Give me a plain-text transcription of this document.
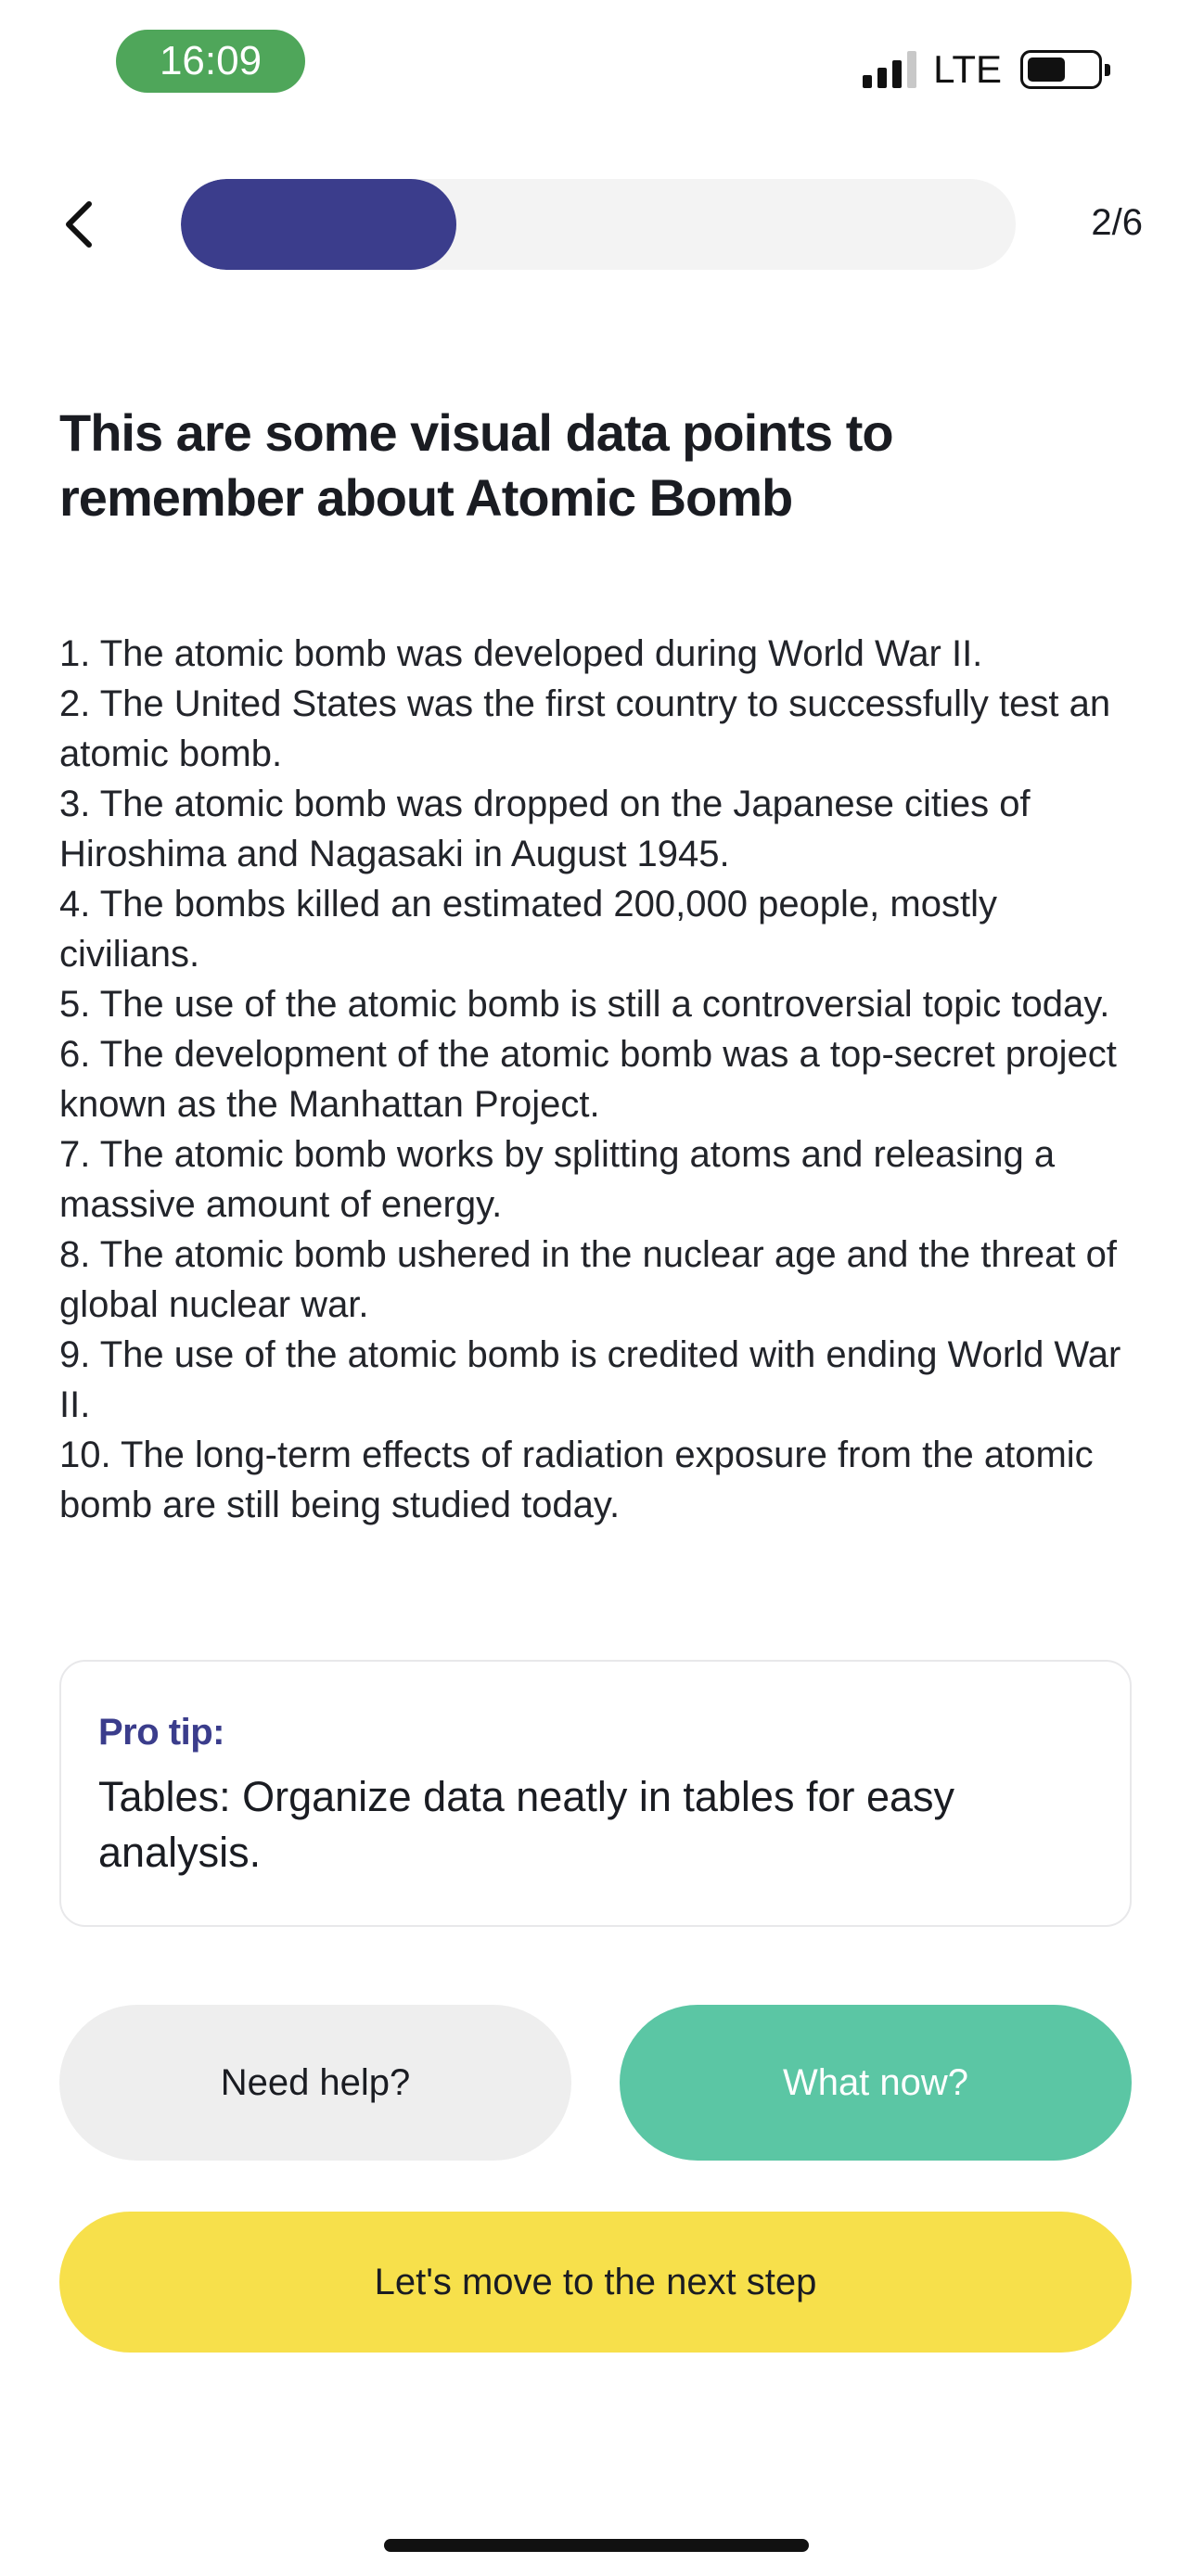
16:09	LTE
2/6
This are some visual data points to remember about Atomic Bomb

1. The atomic bomb was developed during World War II.

2. The United States was the first country to successfully test an atomic bomb.

3. The atomic bomb was dropped on the Japanese cities of Hiroshima and Nagasaki in August 1945.

4. The bombs killed an estimated 200,000 people, mostly civilians.

5. The use of the atomic bomb is still a controversial topic today.

6. The development of the atomic bomb was a top-secret project known as the Manhattan Project.

7. The atomic bomb works by splitting atoms and releasing a massive amount of energy.

8. The atomic bomb ushered in the nuclear age and the threat of global nuclear war.

9. The use of the atomic bomb is credited with ending World War II.

10. The long-term effects of radiation exposure from the atomic bomb are still being studied today.

Pro tip:
Tables: Organize data neatly in tables for easy analysis.
Need help?	What now?
Let's move to the next step
